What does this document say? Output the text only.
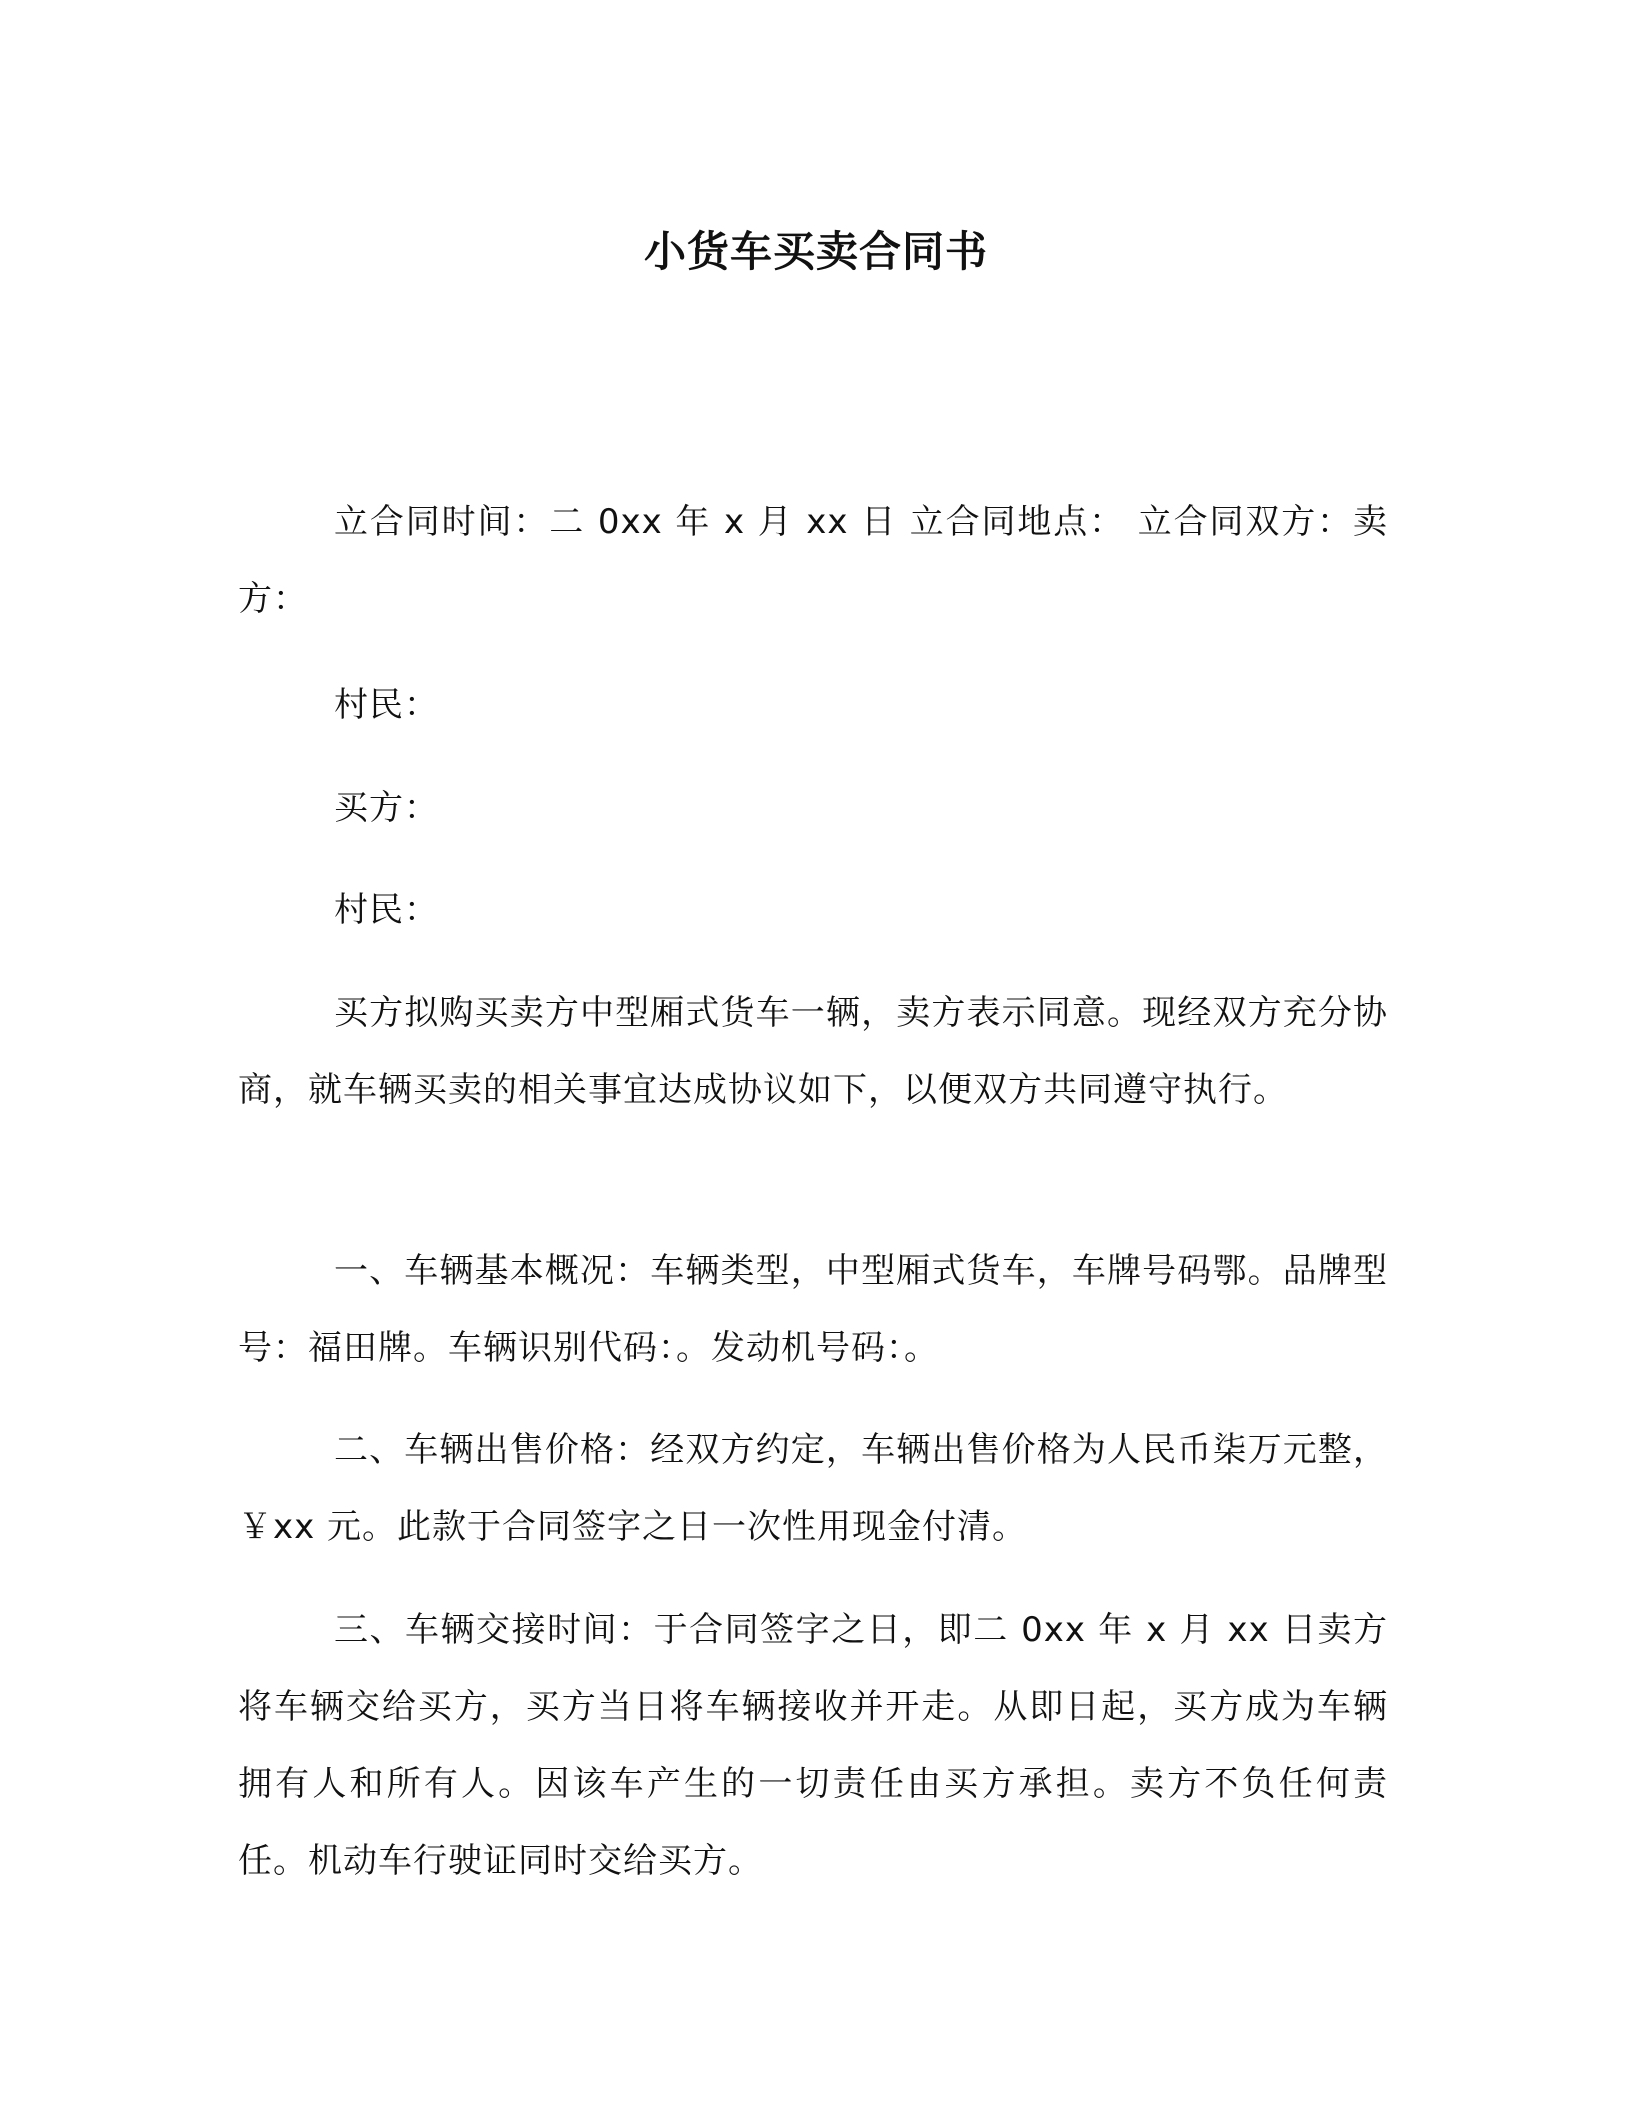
小货车买卖合同书

立合同时间：二 0xx 年 x 月 xx 日 立合同地点： 立合同双方：卖方：

村民：

买方：

村民：

买方拟购买卖方中型厢式货车一辆，卖方表示同意。现经双方充分协商，就车辆买卖的相关事宜达成协议如下，以便双方共同遵守执行。

一、车辆基本概况：车辆类型，中型厢式货车，车牌号码鄂。品牌型号：福田牌。车辆识别代码：。发动机号码：。

二、车辆出售价格：经双方约定，车辆出售价格为人民币柒万元整，￥xx 元。此款于合同签字之日一次性用现金付清。

三、车辆交接时间：于合同签字之日，即二 0xx 年 x 月 xx 日卖方将车辆交给买方，买方当日将车辆接收并开走。从即日起，买方成为车辆拥有人和所有人。因该车产生的一切责任由买方承担。卖方不负任何责任。机动车行驶证同时交给买方。
